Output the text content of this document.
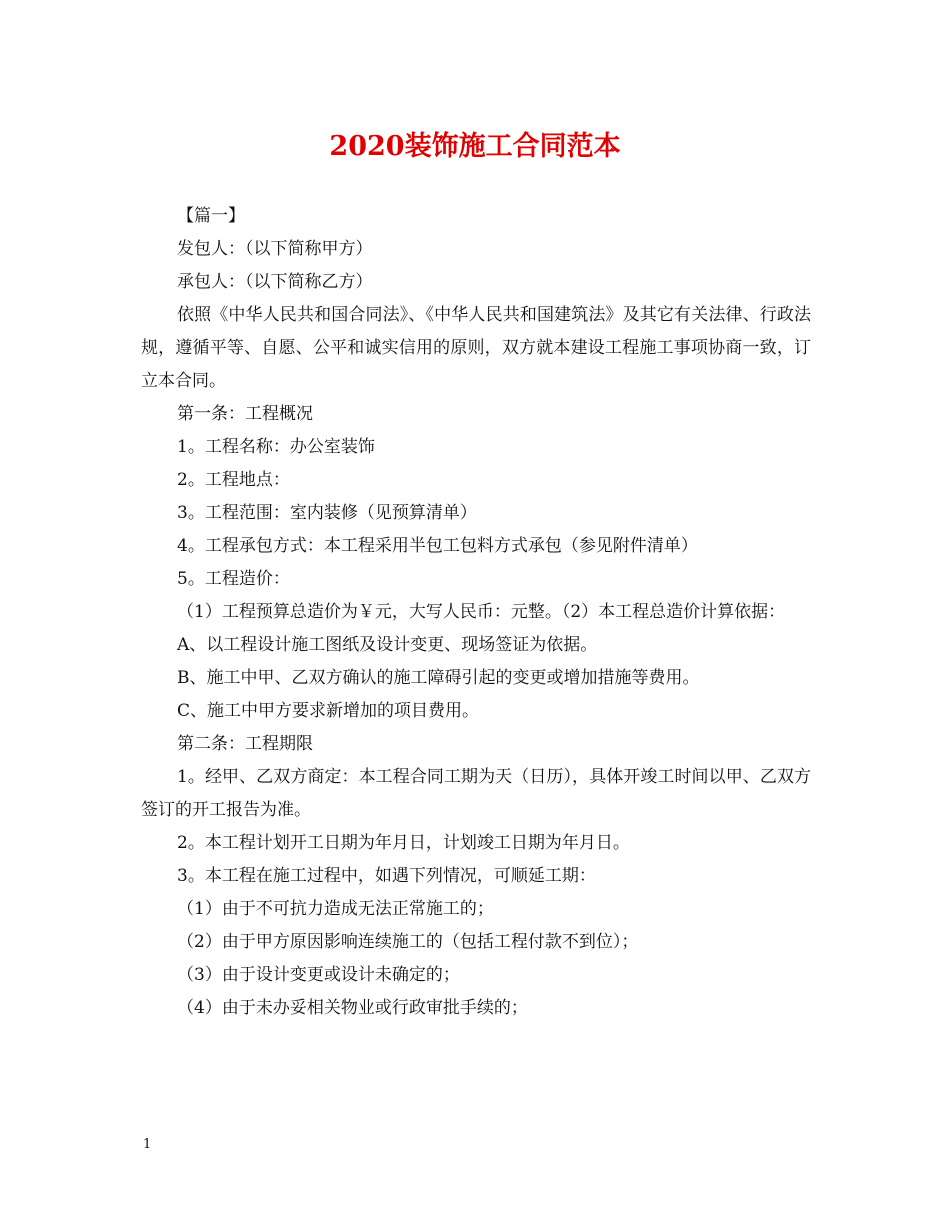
2020装饰施工合同范本

【篇一】

发包人：（以下简称甲方）

承包人：（以下简称乙方）

依照《中华人民共和国合同法》、《中华人民共和国建筑法》及其它有关法律、行政法规，遵循平等、自愿、公平和诚实信用的原则，双方就本建设工程施工事项协商一致，订立本合同。

第一条：工程概况

1。工程名称：办公室装饰

2。工程地点：

3。工程范围：室内装修（见预算清单）

4。工程承包方式：本工程采用半包工包料方式承包（参见附件清单）

5。工程造价：

（1）工程预算总造价为￥元，大写人民币：元整。（2）本工程总造价计算依据：

A、以工程设计施工图纸及设计变更、现场签证为依据。

B、施工中甲、乙双方确认的施工障碍引起的变更或增加措施等费用。

C、施工中甲方要求新增加的项目费用。

第二条：工程期限

1。经甲、乙双方商定：本工程合同工期为天（日历），具体开竣工时间以甲、乙双方签订的开工报告为准。

2。本工程计划开工日期为年月日，计划竣工日期为年月日。

3。本工程在施工过程中，如遇下列情况，可顺延工期：

（1）由于不可抗力造成无法正常施工的；

（2）由于甲方原因影响连续施工的（包括工程付款不到位）；

（3）由于设计变更或设计未确定的；

（4）由于未办妥相关物业或行政审批手续的；

1
